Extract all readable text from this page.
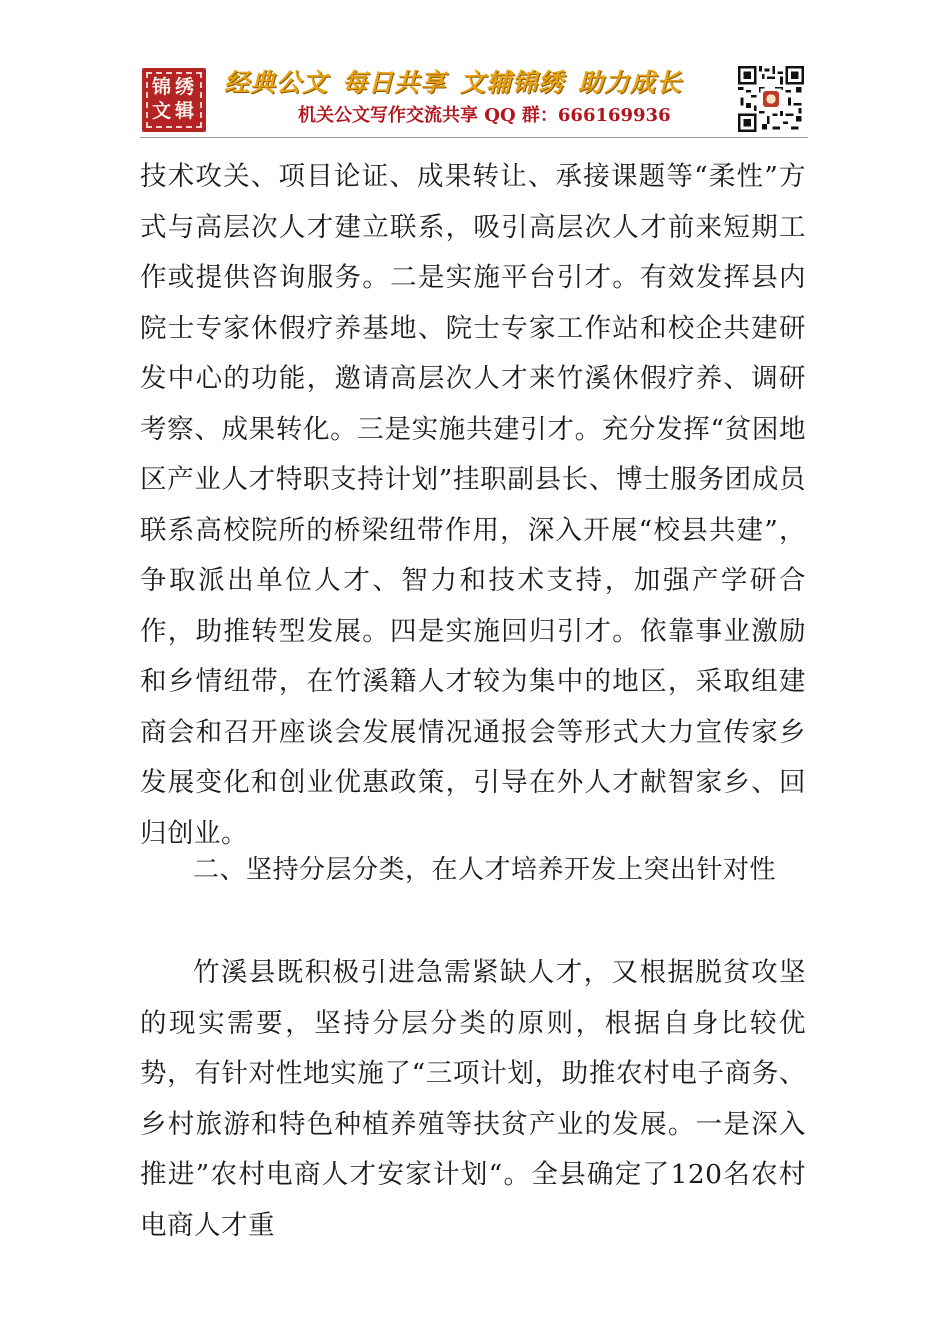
锦 绣
文 辑
经典公文 每日共享 文辅锦绣 助力成长
机关公文写作交流共享 QQ 群：666169936

技术攻关、项目论证、成果转让、承接课题等“柔性”方式与高层次人才建立联系，吸引高层次人才前来短期工作或提供咨询服务。二是实施平台引才。有效发挥县内院士专家休假疗养基地、院士专家工作站和校企共建研发中心的功能，邀请高层次人才来竹溪休假疗养、调研考察、成果转化。三是实施共建引才。充分发挥“贫困地区产业人才特职支持计划”挂职副县长、博士服务团成员联系高校院所的桥梁纽带作用，深入开展“校县共建”，争取派出单位人才、智力和技术支持，加强产学研合作，助推转型发展。四是实施回归引才。依靠事业激励和乡情纽带，在竹溪籍人才较为集中的地区，采取组建商会和召开座谈会发展情况通报会等形式大力宣传家乡发展变化和创业优惠政策，引导在外人才献智家乡、回归创业。

二、坚持分层分类，在人才培养开发上突出针对性

竹溪县既积极引进急需紧缺人才，又根据脱贫攻坚的现实需要，坚持分层分类的原则，根据自身比较优势，有针对性地实施了“三项计划，助推农村电子商务、乡村旅游和特色种植养殖等扶贫产业的发展。一是深入推进”农村电商人才安家计划“。全县确定了120名农村电商人才重
